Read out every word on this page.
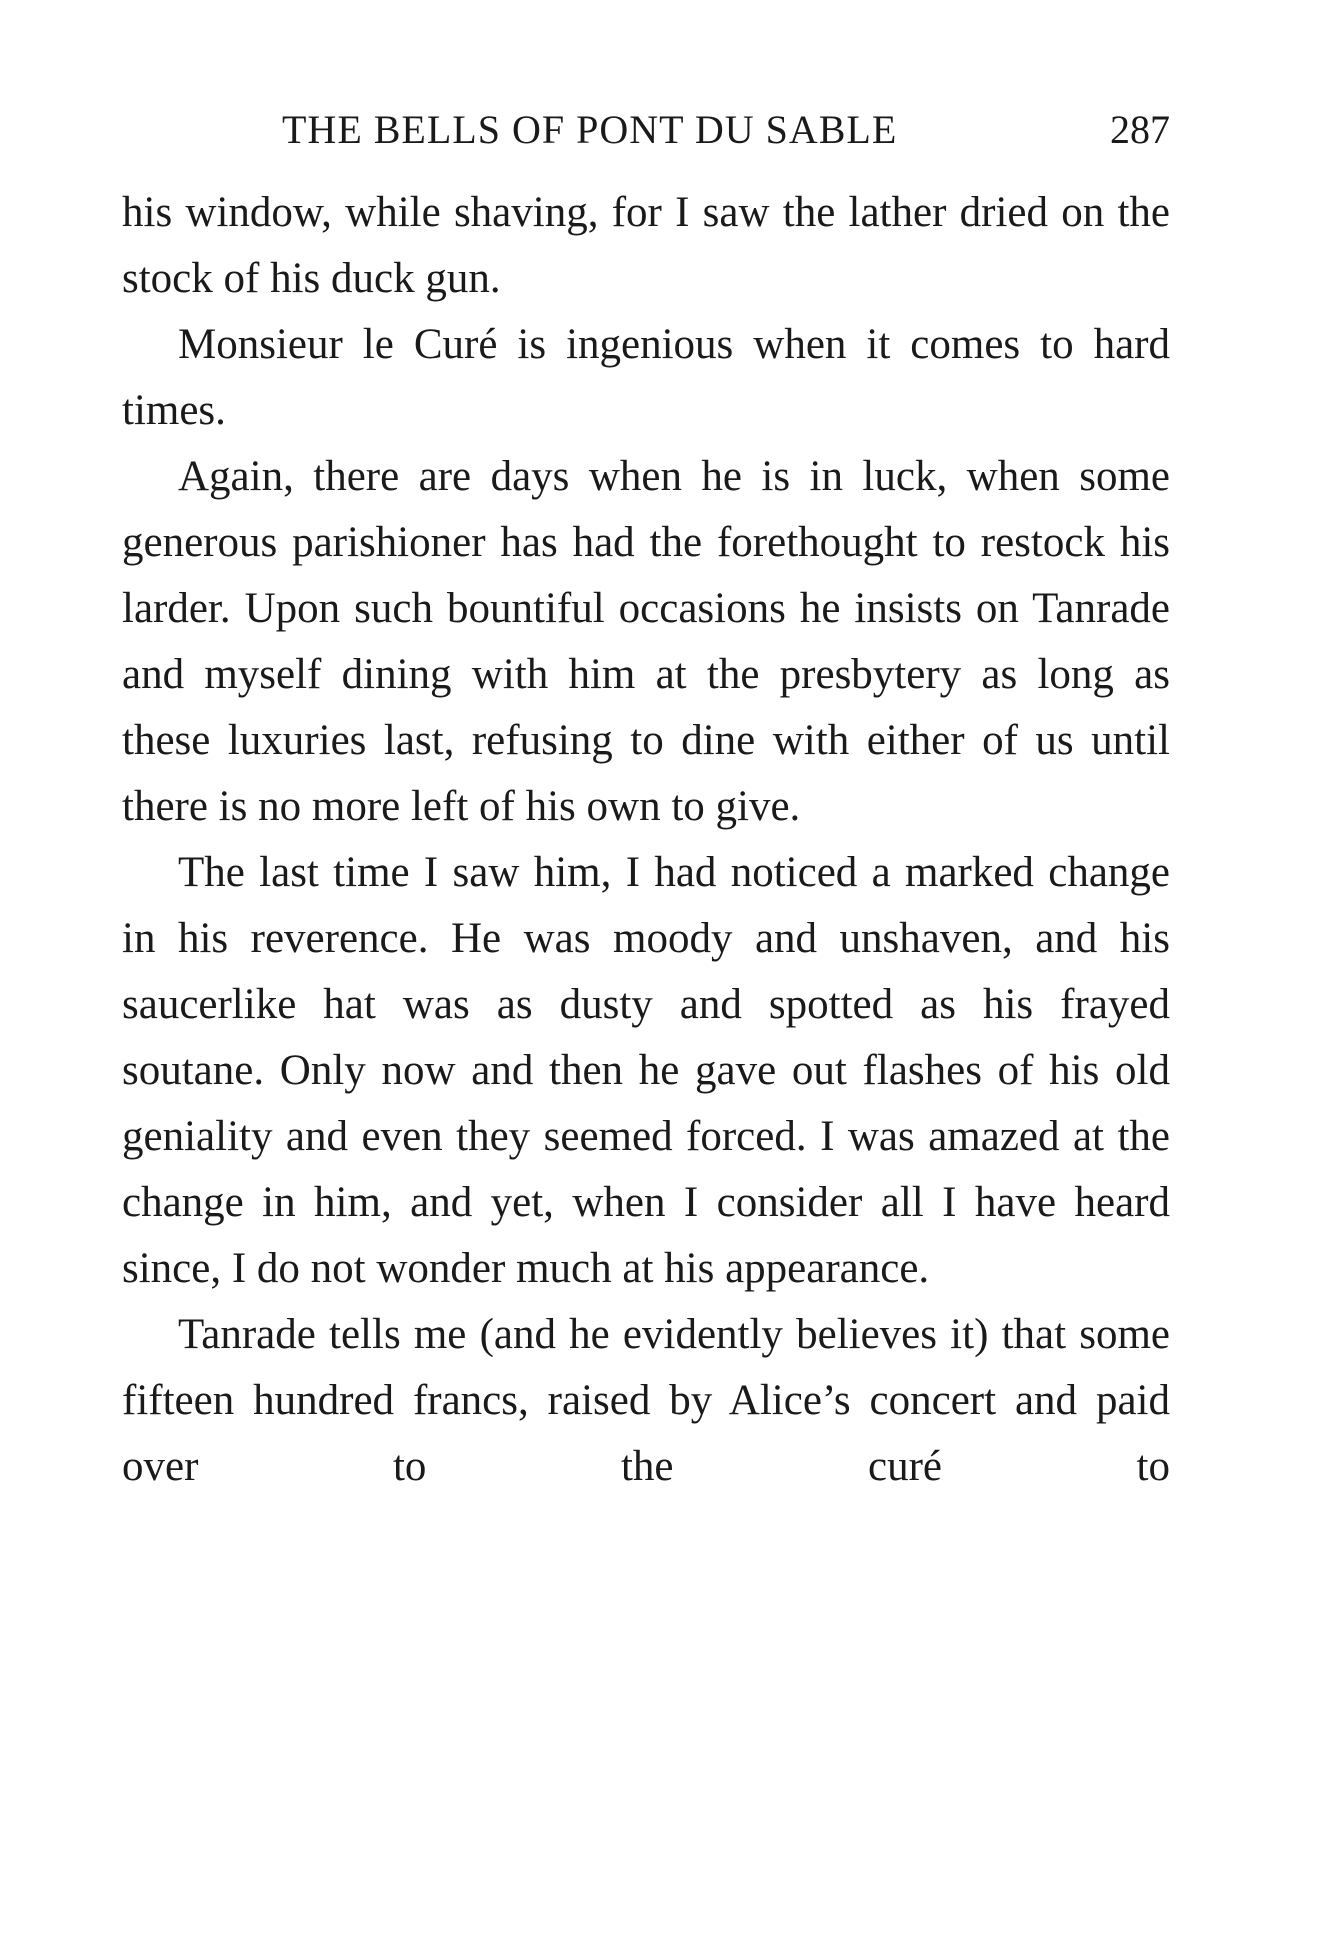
THE BELLS OF PONT DU SABLE	287

his window, while shaving, for I saw the lather dried on the stock of his duck gun.

Monsieur le Curé is ingenious when it comes to hard times.

Again, there are days when he is in luck, when some generous parishioner has had the forethought to restock his larder. Upon such bountiful occasions he insists on Tanrade and myself dining with him at the presbytery as long as these luxuries last, refusing to dine with either of us until there is no more left of his own to give.

The last time I saw him, I had noticed a marked change in his reverence. He was moody and unshaven, and his saucerlike hat was as dusty and spotted as his frayed soutane. Only now and then he gave out flashes of his old geniality and even they seemed forced. I was amazed at the change in him, and yet, when I consider all I have heard since, I do not wonder much at his appearance.

Tanrade tells me (and he evidently believes it) that some fifteen hundred francs, raised by Alice’s concert and paid over to the curé to
